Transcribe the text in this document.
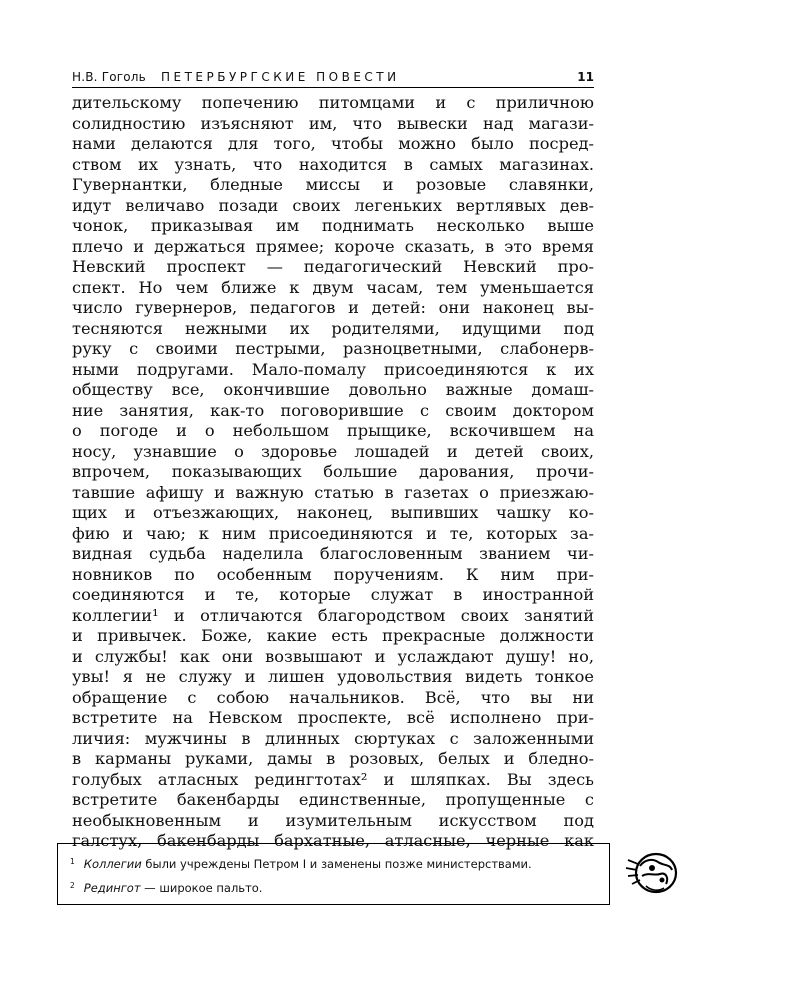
Н.В. Гоголь ПЕТЕРБУРГСКИЕ ПОВЕСТИ	11
дительскому попечению питомцами и с приличною
солидностию изъясняют им, что вывески над магази-
нами делаются для того, чтобы можно было посред-
ством их узнать, что находится в самых магазинах.
Гувернантки, бледные миссы и розовые славянки,
идут величаво позади своих легеньких вертлявых дев-
чонок, приказывая им поднимать несколько выше
плечо и держаться прямее; короче сказать, в это время
Невский проспект — педагогический Невский про-
спект. Но чем ближе к двум часам, тем уменьшается
число гувернеров, педагогов и детей: они наконец вы-
тесняются нежными их родителями, идущими под
руку с своими пестрыми, разноцветными, слабонерв-
ными подругами. Мало-помалу присоединяются к их
обществу все, окончившие довольно важные домаш-
ние занятия, как-то поговорившие с своим доктором
о погоде и о небольшом прыщике, вскочившем на
носу, узнавшие о здоровье лошадей и детей своих,
впрочем, показывающих большие дарования, прочи-
тавшие афишу и важную статью в газетах о приезжаю-
щих и отъезжающих, наконец, выпивших чашку ко-
фию и чаю; к ним присоединяются и те, которых за-
видная судьба наделила благословенным званием чи-
новников по особенным поручениям. К ним при-
соединяются и те, которые служат в иностранной
коллегии¹ и отличаются благородством своих занятий
и привычек. Боже, какие есть прекрасные должности
и службы! как они возвышают и услаждают душу! но,
увы! я не служу и лишен удовольствия видеть тонкое
обращение с собою начальников. Всё, что вы ни
встретите на Невском проспекте, всё исполнено при-
личия: мужчины в длинных сюртуках с заложенными
в карманы руками, дамы в розовых, белых и бледно-
голубых атласных редингтотах² и шляпках. Вы здесь
встретите бакенбарды единственные, пропущенные с
необыкновенным и изумительным искусством под
галстух, бакенбарды бархатные, атласные, черные как
$^1$ Коллегии были учреждены Петром I и заменены позже министерствами.
$^2$ Редингот — широкое пальто.
